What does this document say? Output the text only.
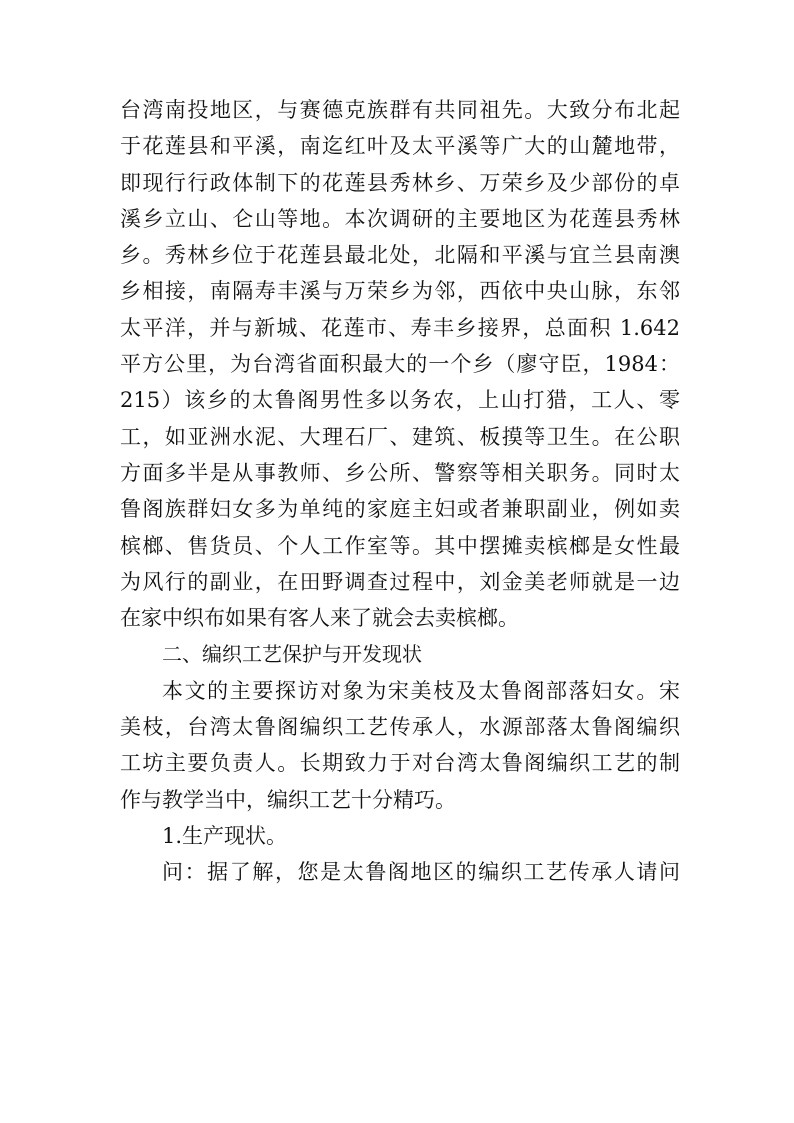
台湾南投地区，与赛德克族群有共同祖先。大致分布北起
于花莲县和平溪，南迄红叶及太平溪等广大的山麓地带，
即现行行政体制下的花莲县秀林乡、万荣乡及少部份的卓
溪乡立山、仑山等地。本次调研的主要地区为花莲县秀林
乡。秀林乡位于花莲县最北处，北隔和平溪与宜兰县南澳
乡相接，南隔寿丰溪与万荣乡为邻，西依中央山脉，东邻
太平洋，并与新城、花莲市、寿丰乡接界，总面积 1.642
平方公里，为台湾省面积最大的一个乡（廖守臣，1984：
215）该乡的太鲁阁男性多以务农，上山打猎，工人、零
工，如亚洲水泥、大理石厂、建筑、板摸等卫生。在公职
方面多半是从事教师、乡公所、警察等相关职务。同时太
鲁阁族群妇女多为单纯的家庭主妇或者兼职副业，例如卖
槟榔、售货员、个人工作室等。其中摆摊卖槟榔是女性最
为风行的副业，在田野调查过程中，刘金美老师就是一边
在家中织布如果有客人来了就会去卖槟榔。
二、编织工艺保护与开发现状
本文的主要探访对象为宋美枝及太鲁阁部落妇女。宋
美枝，台湾太鲁阁编织工艺传承人，水源部落太鲁阁编织
工坊主要负责人。长期致力于对台湾太鲁阁编织工艺的制
作与教学当中，编织工艺十分精巧。
1.生产现状。
问：据了解，您是太鲁阁地区的编织工艺传承人请问
